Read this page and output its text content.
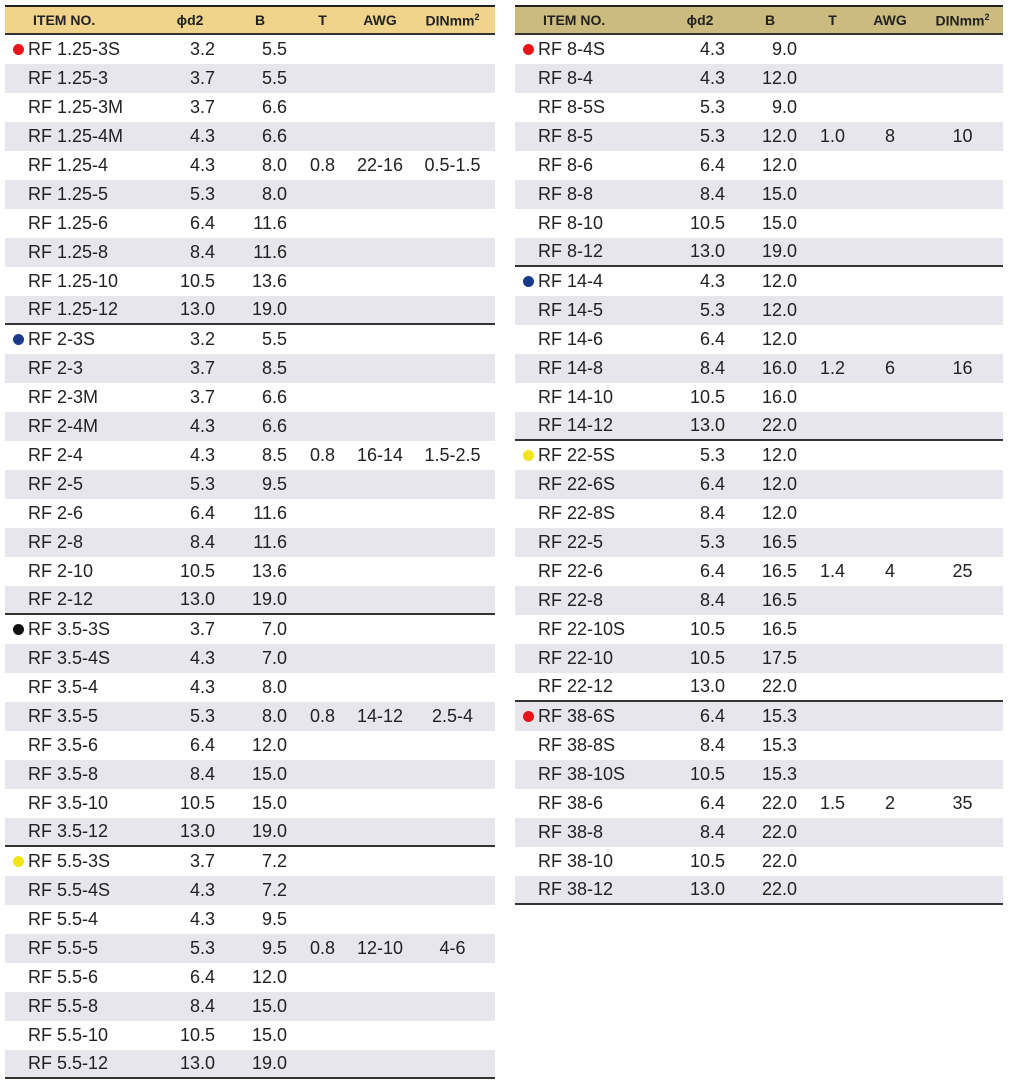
ITEM NO.	ϕd2	B	T	AWG	DINmm$^2$
RF 1.25-3S	3.2	5.5
RF 1.25-3	3.7	5.5
RF 1.25-3M	3.7	6.6
RF 1.25-4M	4.3	6.6
RF 1.25-4	4.3	8.0	0.8	22-16	0.5-1.5
RF 1.25-5	5.3	8.0
RF 1.25-6	6.4	11.6
RF 1.25-8	8.4	11.6
RF 1.25-10	10.5	13.6
RF 1.25-12	13.0	19.0
RF 2-3S	3.2	5.5
RF 2-3	3.7	8.5
RF 2-3M	3.7	6.6
RF 2-4M	4.3	6.6
RF 2-4	4.3	8.5	0.8	16-14	1.5-2.5
RF 2-5	5.3	9.5
RF 2-6	6.4	11.6
RF 2-8	8.4	11.6
RF 2-10	10.5	13.6
RF 2-12	13.0	19.0
RF 3.5-3S	3.7	7.0
RF 3.5-4S	4.3	7.0
RF 3.5-4	4.3	8.0
RF 3.5-5	5.3	8.0	0.8	14-12	2.5-4
RF 3.5-6	6.4	12.0
RF 3.5-8	8.4	15.0
RF 3.5-10	10.5	15.0
RF 3.5-12	13.0	19.0
RF 5.5-3S	3.7	7.2
RF 5.5-4S	4.3	7.2
RF 5.5-4	4.3	9.5
RF 5.5-5	5.3	9.5	0.8	12-10	4-6
RF 5.5-6	6.4	12.0
RF 5.5-8	8.4	15.0
RF 5.5-10	10.5	15.0
RF 5.5-12	13.0	19.0
ITEM NO.	ϕd2	B	T	AWG	DINmm$^2$
RF 8-4S	4.3	9.0
RF 8-4	4.3	12.0
RF 8-5S	5.3	9.0
RF 8-5	5.3	12.0	1.0	8	10
RF 8-6	6.4	12.0
RF 8-8	8.4	15.0
RF 8-10	10.5	15.0
RF 8-12	13.0	19.0
RF 14-4	4.3	12.0
RF 14-5	5.3	12.0
RF 14-6	6.4	12.0
RF 14-8	8.4	16.0	1.2	6	16
RF 14-10	10.5	16.0
RF 14-12	13.0	22.0
RF 22-5S	5.3	12.0
RF 22-6S	6.4	12.0
RF 22-8S	8.4	12.0
RF 22-5	5.3	16.5
RF 22-6	6.4	16.5	1.4	4	25
RF 22-8	8.4	16.5
RF 22-10S	10.5	16.5
RF 22-10	10.5	17.5
RF 22-12	13.0	22.0
RF 38-6S	6.4	15.3
RF 38-8S	8.4	15.3
RF 38-10S	10.5	15.3
RF 38-6	6.4	22.0	1.5	2	35
RF 38-8	8.4	22.0
RF 38-10	10.5	22.0
RF 38-12	13.0	22.0
